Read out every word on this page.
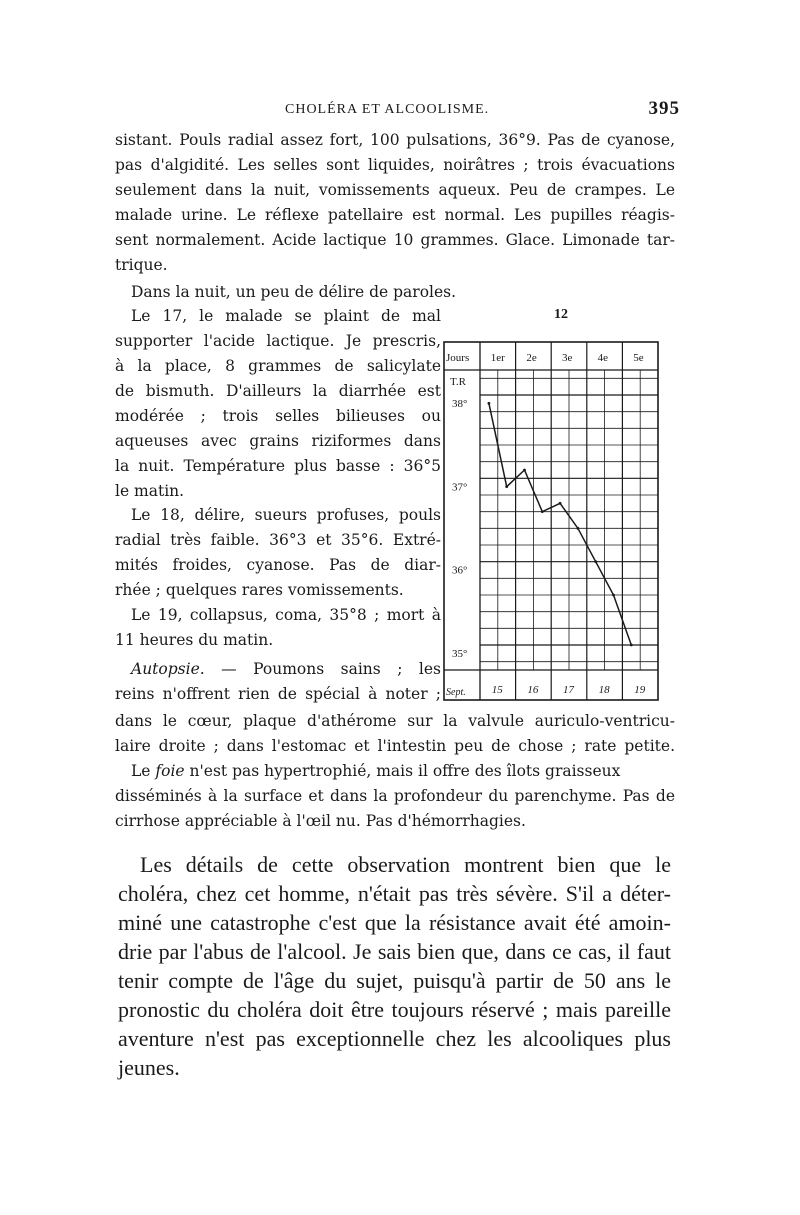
CHOLÉRA ET ALCOOLISME.	395
sistant. Pouls radial assez fort, 100 pulsations, 36°9. Pas de cyanose,
pas d'algidité. Les selles sont liquides, noirâtres ; trois évacuations
seulement dans la nuit, vomissements aqueux. Peu de crampes. Le
malade urine. Le réflexe patellaire est normal. Les pupilles réagis-
sent normalement. Acide lactique 10 grammes. Glace. Limonade tar-
trique.
Dans la nuit, un peu de délire de paroles.
Le 17, le malade se plaint de mal
supporter l'acide lactique. Je prescris,
à la place, 8 grammes de salicylate
de bismuth. D'ailleurs la diarrhée est
modérée ; trois selles bilieuses ou
aqueuses avec grains riziformes dans
la nuit. Température plus basse : 36°5
le matin.
Le 18, délire, sueurs profuses, pouls
radial très faible. 36°3 et 35°6. Extré-
mités froides, cyanose. Pas de diar-
rhée ; quelques rares vomissements.
Le 19, collapsus, coma, 35°8 ; mort à
11 heures du matin.
Autopsie. — Poumons sains ; les
reins n'offrent rien de spécial à noter ;
dans le cœur, plaque d'athérome sur la valvule auriculo-ventricu-
laire droite ; dans l'estomac et l'intestin peu de chose ; rate petite.
Le foie n'est pas hypertrophié, mais il offre des îlots graisseux
disséminés à la surface et dans la profondeur du parenchyme. Pas de
cirrhose appréciable à l'œil nu. Pas d'hémorrhagies.
Les détails de cette observation montrent bien que le
choléra, chez cet homme, n'était pas très sévère. S'il a déter-
miné une catastrophe c'est que la résistance avait été amoin-
drie par l'abus de l'alcool. Je sais bien que, dans ce cas, il faut
tenir compte de l'âge du sujet, puisqu'à partir de 50 ans le
pronostic du choléra doit être toujours réservé ; mais pareille
aventure n'est pas exceptionnelle chez les alcooliques plus
jeunes.
12
Jours
T.R
Sept.
1er 2e 3e 4e 5e
15 16 17 18 19
38°
37°
36°
35°
